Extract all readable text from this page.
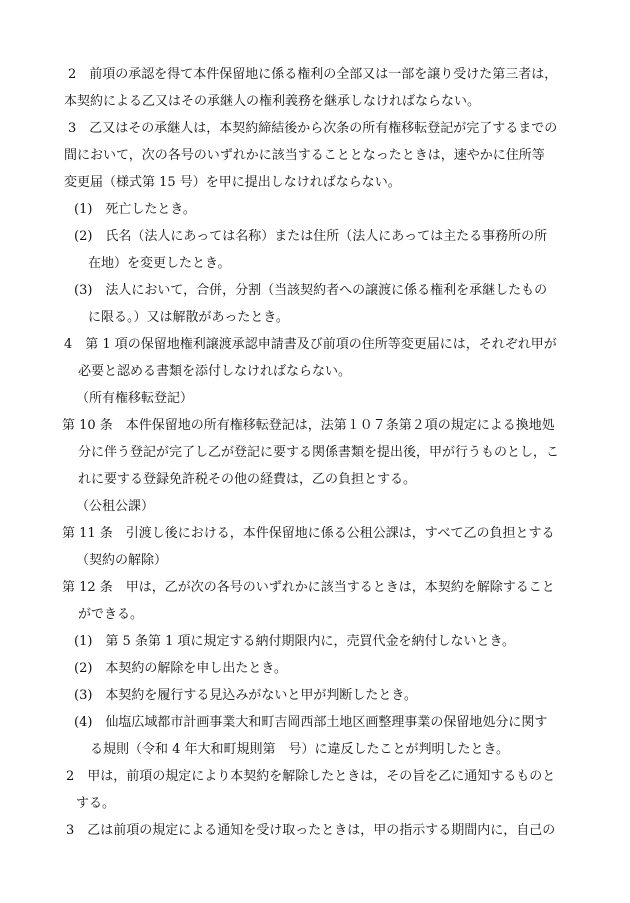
2　前項の承認を得て本件保留地に係る権利の全部又は一部を譲り受けた第三者は，
本契約による乙又はその承継人の権利義務を継承しなければならない。
3　乙又はその承継人は，本契約締結後から次条の所有権移転登記が完了するまでの
間において，次の各号のいずれかに該当することとなったときは，速やかに住所等
変更届（様式第 15 号）を甲に提出しなければならない。
(1)　死亡したとき。
(2)　氏名（法人にあっては名称）または住所（法人にあっては主たる事務所の所
在地）を変更したとき。
(3)　法人において，合併，分割（当該契約者への譲渡に係る権利を承継したもの
に限る。）又は解散があったとき。
4　第 1 項の保留地権利譲渡承認申請書及び前項の住所等変更届には，それぞれ甲が
必要と認める書類を添付しなければならない。
（所有権移転登記）
第 10 条　本件保留地の所有権移転登記は，法第１０７条第２項の規定による換地処
分に伴う登記が完了し乙が登記に要する関係書類を提出後，甲が行うものとし，こ
れに要する登録免許税その他の経費は，乙の負担とする。
（公租公課）
第 11 条　引渡し後における，本件保留地に係る公租公課は，すべて乙の負担とする
（契約の解除）
第 12 条　甲は，乙が次の各号のいずれかに該当するときは，本契約を解除すること
ができる。
(1)　第 5 条第 1 項に規定する納付期限内に，売買代金を納付しないとき。
(2)　本契約の解除を申し出たとき。
(3)　本契約を履行する見込みがないと甲が判断したとき。
(4)　仙塩広域都市計画事業大和町吉岡西部土地区画整理事業の保留地処分に関す
る規則（令和 4 年大和町規則第　号）に違反したことが判明したとき。
2　甲は，前項の規定により本契約を解除したときは，その旨を乙に通知するものと
する。
3　乙は前項の規定による通知を受け取ったときは，甲の指示する期間内に，自己の
